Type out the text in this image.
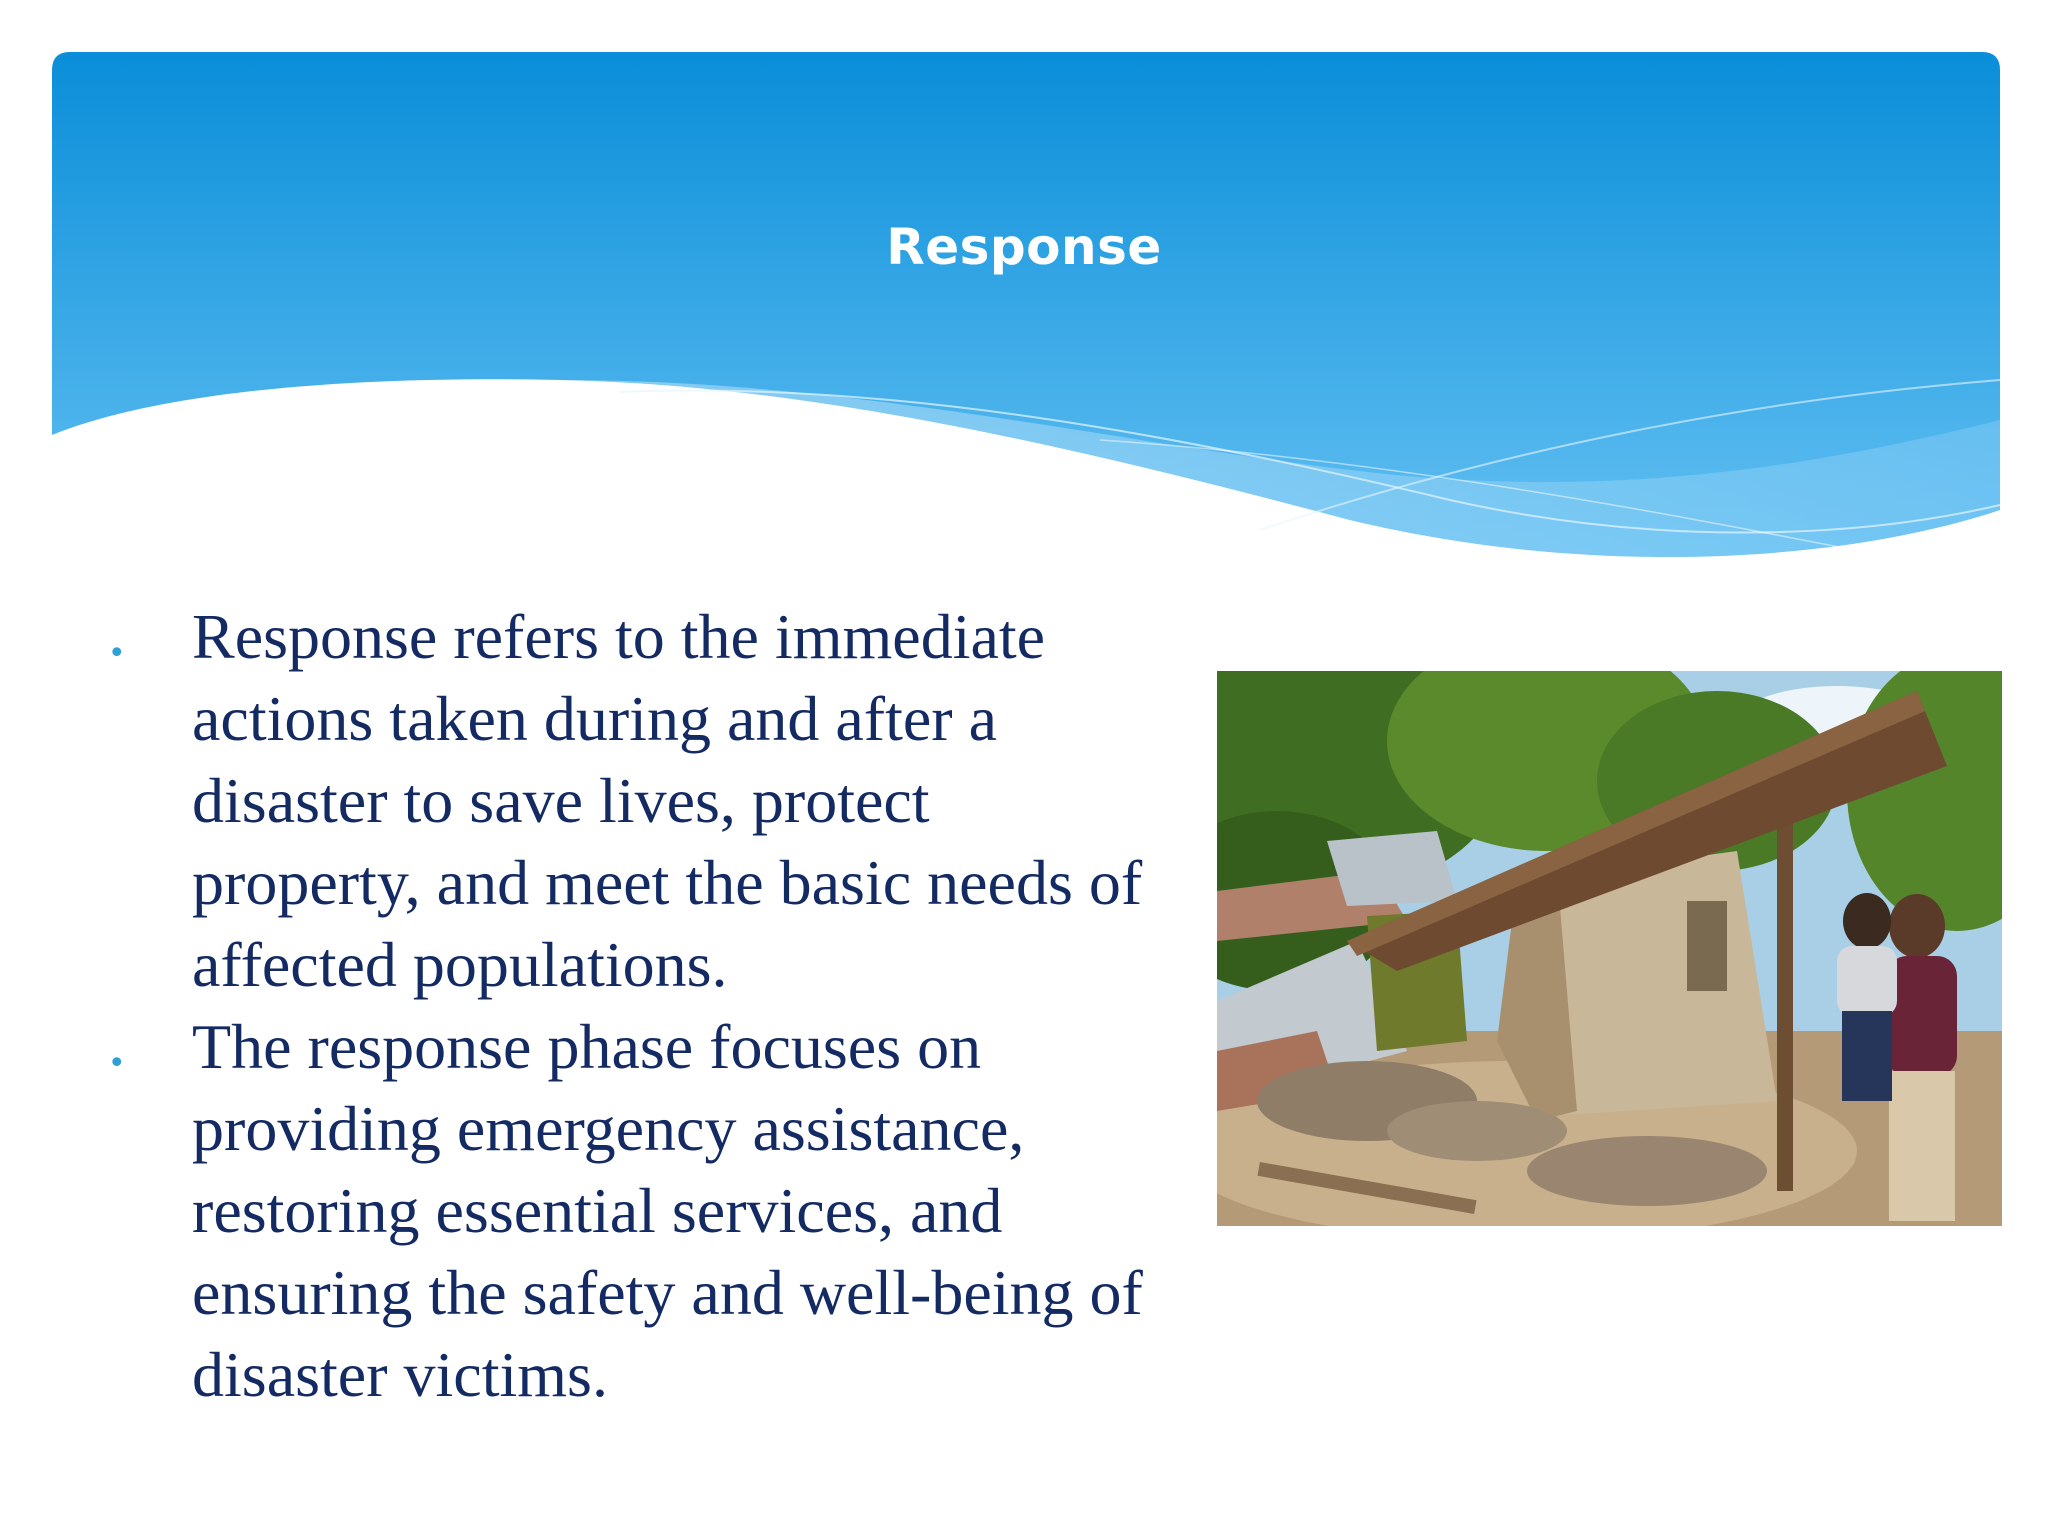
Response
.	Response refers to the immediate actions taken during and after a disaster to save lives, protect property, and meet the basic needs of affected populations.
.	The response phase focuses on providing emergency assistance, restoring essential services, and ensuring the safety and well-being of disaster victims.
